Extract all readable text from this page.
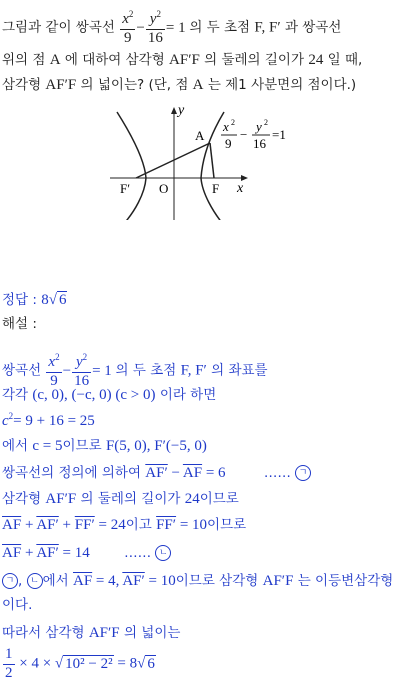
그림과 같이 쌍곡선 $\frac{x^2}{9} - \frac{y^2}{16} = 1$ 의 두 초점 F, F′ 과 쌍곡선
위의 점 A 에 대하여 삼각형 AF′F 의 둘레의 길이가 24 일 때,
삼각형 AF′F 의 넓이는? (단, 점 A 는 제1 사분면의 점이다.)
y
x
O	F
F′
A
x 2
9
−
y 2
16
=1
정답 : 8√ 6
해설 :
쌍곡선 $\frac{x^2}{9} - \frac{y^2}{16} = 1$ 의 두 초점 F, F′ 의 좌표를
각각 (c, 0), (−c, 0) (c > 0) 이라 하면
$c^2= 9 + 16 = 25$
에서 c = 5이므로 F(5, 0), F′(−5, 0)
쌍곡선의 정의에 의하여 $AF' - \overline{AF} = 6$	…… ㄱ
삼각형 AF′F 의 둘레의 길이가 24이므로
$\overline{AF} + AF' + FF' = 24$이고 FF′ = 10이므로
$\overline{AF} + AF' = 14$	…… ㄴ
ㄱ , ㄴ 에서 $\overline{AF} = 4$, AF′ = 10이므로 삼각형 AF′F 는 이등변삼각형
이다.
따라서 삼각형 AF′F 의 넓이는
$\frac{1}{2} \times 4$ × √ 10² − 2² = 8√ 6
